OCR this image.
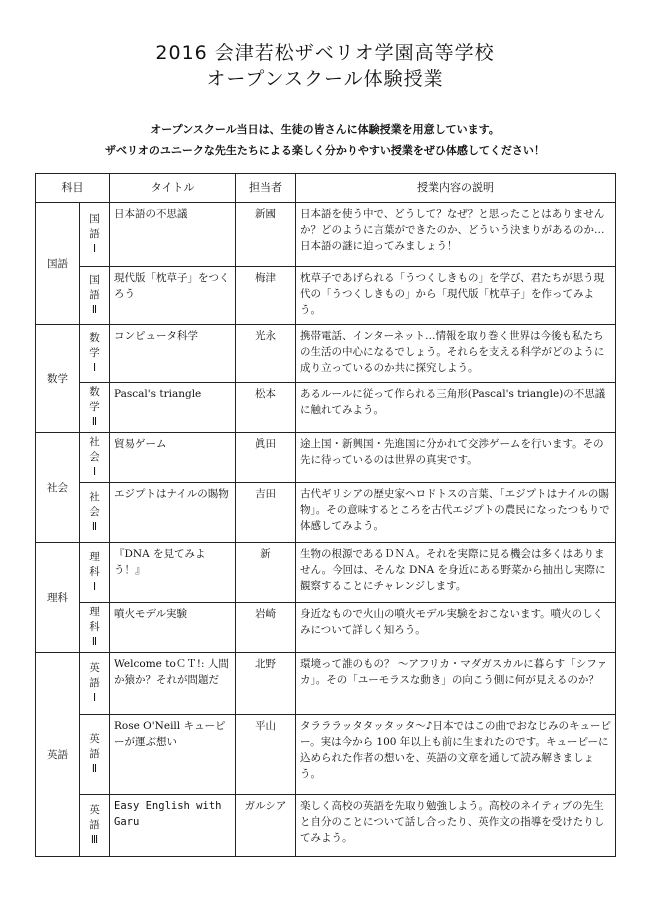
2016 会津若松ザベリオ学園高等学校
オープンスクール体験授業
オープンスクール当日は、生徒の皆さんに体験授業を用意しています。
ザベリオのユニークな先生たちによる楽しく分かりやすい授業をぜひ体感してください！
科目		タイトル	担当者	授業内容の説明
国語	国語Ⅰ	日本語の不思議	新國	日本語を使う中で、どうして？なぜ？と思ったことはありませんか？どのように言葉ができたのか、どういう決まりがあるのか…日本語の謎に迫ってみましょう！
	国語Ⅱ	現代版「枕草子」をつくろう	梅津	枕草子であげられる「うつくしきもの」を学び、君たちが思う現代の「うつくしきもの」から「現代版「枕草子」を作ってみよう。
数学	数学Ⅰ	コンピュータ科学	光永	携帯電話、インターネット…情報を取り巻く世界は今後も私たちの生活の中心になるでしょう。それらを支える科学がどのように成り立っているのか共に探究しよう。
	数学Ⅱ	Pascal's triangle	松本	あるルールに従って作られる三角形(Pascal's triangle)の不思議に触れてみよう。
社会	社会Ⅰ	貿易ゲーム	眞田	途上国・新興国・先進国に分かれて交渉ゲームを行います。その先に待っているのは世界の真実です。
	社会Ⅱ	エジプトはナイルの賜物	吉田	古代ギリシアの歴史家ヘロドトスの言葉、「エジプトはナイルの賜物」。その意味するところを古代エジプトの農民になったつもりで体感してみよう。
理科	理科Ⅰ	『DNA を見てみよう！』	新	生物の根源であるＤＮＡ。それを実際に見る機会は多くはありません。今回は、そんな DNA を身近にある野菜から抽出し実際に観察することにチャレンジします。
	理科Ⅱ	噴火モデル実験	岩崎	身近なもので火山の噴火モデル実験をおこないます。噴火のしくみについて詳しく知ろう。
英語	英語Ⅰ	Welcome toＣＴ!: 人間か猿か？それが問題だ	北野	環境って誰のもの？ ～アフリカ・マダガスカルに暮らす「シファカ」。その「ユーモラスな動き」の向こう側に何が見えるのか？
	英語Ⅱ	Rose O'Neill キューピーが運ぶ想い	平山	タラララッタタッタッタ～♪日本ではこの曲でおなじみのキューピー。実は今から 100 年以上も前に生まれたのです。キューピーに込められた作者の想いを、英語の文章を通して読み解きましょう。
	英語Ⅲ	Easy English with Garu	ガルシア	楽しく高校の英語を先取り勉強しよう。高校のネイティブの先生と自分のことについて話し合ったり、英作文の指導を受けたりしてみよう。
